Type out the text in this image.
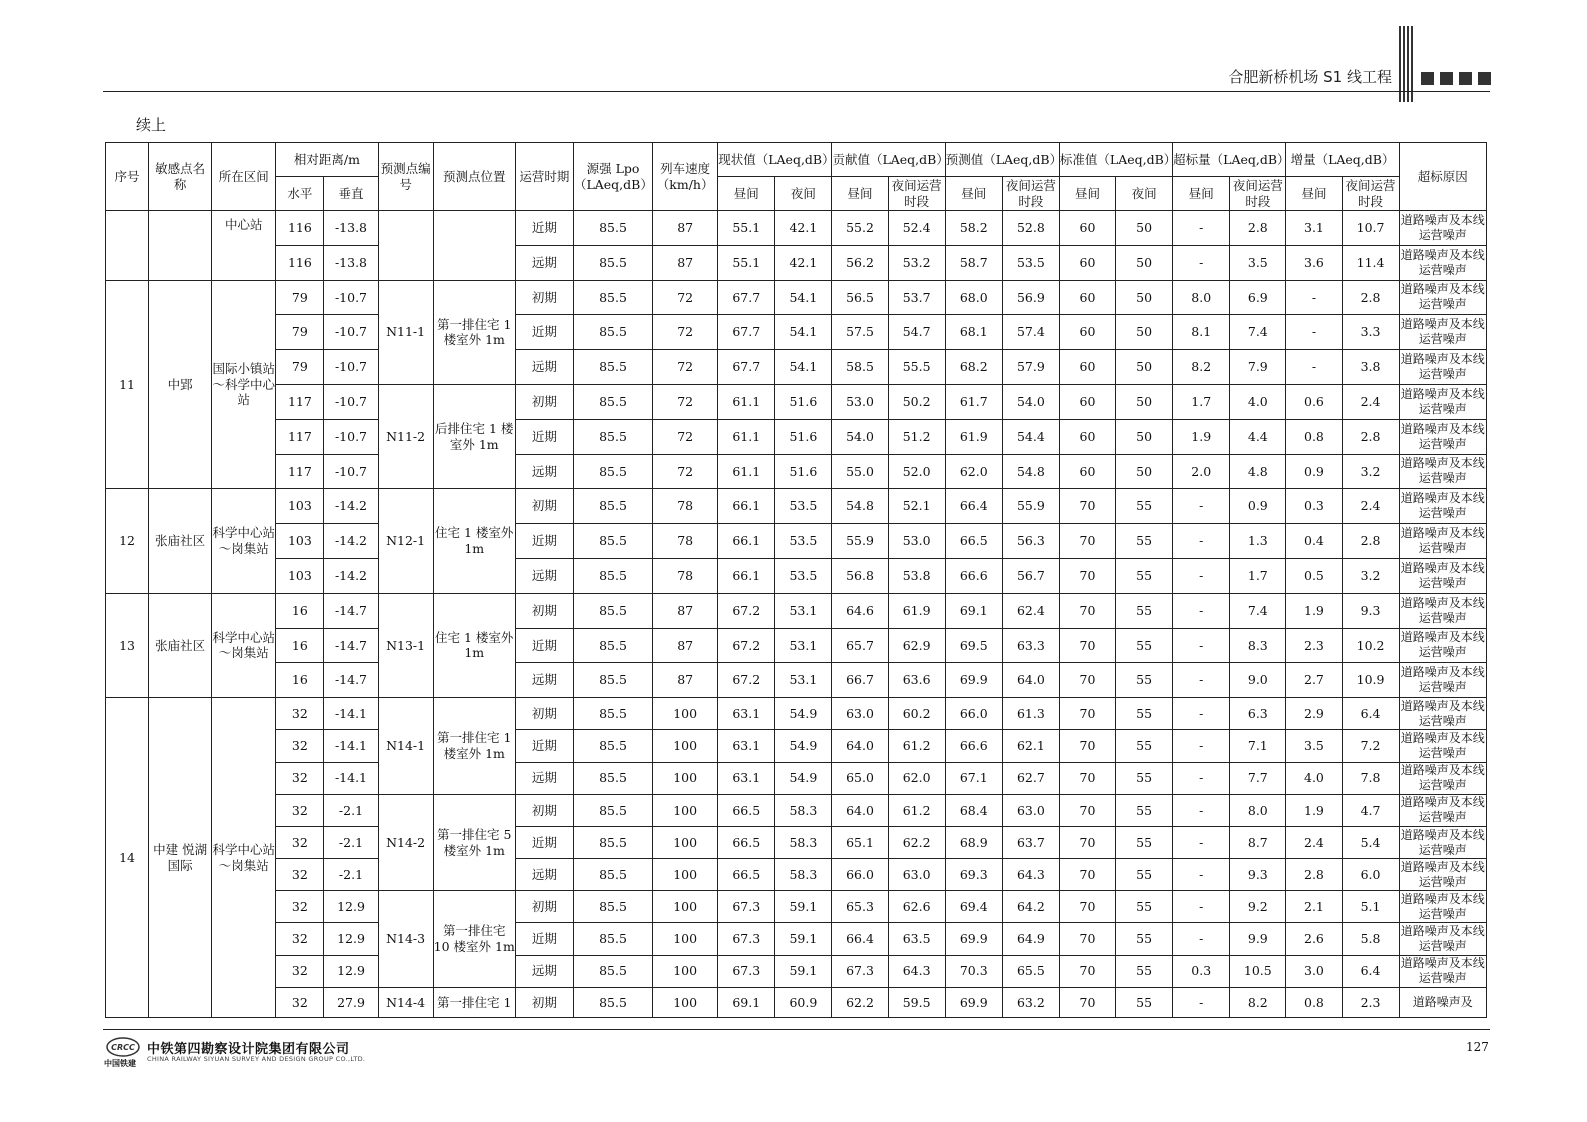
合肥新桥机场 S1 线工程
续上
序号	敏感点名称	所在区间	相对距离/m		预测点编号	预测点位置	运营时期	源强 Lpo（LAeq,dB）	列车速度（km/h）	现状值（LAeq,dB）		贡献值（LAeq,dB）		预测值（LAeq,dB）		标准值（LAeq,dB）		超标量（LAeq,dB）		增量（LAeq,dB）		超标原因
			水平	垂直						昼间	夜间	昼间	夜间运营时段	昼间	夜间运营时段	昼间	夜间	昼间	夜间运营时段	昼间	夜间运营时段	
		中心站	116	-13.8			近期	85.5	87	55.1	42.1	55.2	52.4	58.2	52.8	60	50	-	2.8	3.1	10.7	道路噪声及本线运营噪声
			116	-13.8			远期	85.5	87	55.1	42.1	56.2	53.2	58.7	53.5	60	50	-	3.5	3.6	11.4	道路噪声及本线运营噪声
11	中郢	国际小镇站～科学中心站	79	-10.7	N11-1	第一排住宅 1 楼室外 1m	初期	85.5	72	67.7	54.1	56.5	53.7	68.0	56.9	60	50	8.0	6.9	-	2.8	道路噪声及本线运营噪声
			79	-10.7			近期	85.5	72	67.7	54.1	57.5	54.7	68.1	57.4	60	50	8.1	7.4	-	3.3	道路噪声及本线运营噪声
			79	-10.7			远期	85.5	72	67.7	54.1	58.5	55.5	68.2	57.9	60	50	8.2	7.9	-	3.8	道路噪声及本线运营噪声
			117	-10.7	N11-2	后排住宅 1 楼室外 1m	初期	85.5	72	61.1	51.6	53.0	50.2	61.7	54.0	60	50	1.7	4.0	0.6	2.4	道路噪声及本线运营噪声
			117	-10.7			近期	85.5	72	61.1	51.6	54.0	51.2	61.9	54.4	60	50	1.9	4.4	0.8	2.8	道路噪声及本线运营噪声
			117	-10.7			远期	85.5	72	61.1	51.6	55.0	52.0	62.0	54.8	60	50	2.0	4.8	0.9	3.2	道路噪声及本线运营噪声
12	张庙社区	科学中心站～岗集站	103	-14.2	N12-1	住宅 1 楼室外 1m	初期	85.5	78	66.1	53.5	54.8	52.1	66.4	55.9	70	55	-	0.9	0.3	2.4	道路噪声及本线运营噪声
			103	-14.2			近期	85.5	78	66.1	53.5	55.9	53.0	66.5	56.3	70	55	-	1.3	0.4	2.8	道路噪声及本线运营噪声
			103	-14.2			远期	85.5	78	66.1	53.5	56.8	53.8	66.6	56.7	70	55	-	1.7	0.5	3.2	道路噪声及本线运营噪声
13	张庙社区	科学中心站～岗集站	16	-14.7	N13-1	住宅 1 楼室外 1m	初期	85.5	87	67.2	53.1	64.6	61.9	69.1	62.4	70	55	-	7.4	1.9	9.3	道路噪声及本线运营噪声
			16	-14.7			近期	85.5	87	67.2	53.1	65.7	62.9	69.5	63.3	70	55	-	8.3	2.3	10.2	道路噪声及本线运营噪声
			16	-14.7			远期	85.5	87	67.2	53.1	66.7	63.6	69.9	64.0	70	55	-	9.0	2.7	10.9	道路噪声及本线运营噪声
14	中建 悦湖国际	科学中心站～岗集站	32	-14.1	N14-1	第一排住宅 1 楼室外 1m	初期	85.5	100	63.1	54.9	63.0	60.2	66.0	61.3	70	55	-	6.3	2.9	6.4	道路噪声及本线运营噪声
			32	-14.1			近期	85.5	100	63.1	54.9	64.0	61.2	66.6	62.1	70	55	-	7.1	3.5	7.2	道路噪声及本线运营噪声
			32	-14.1			远期	85.5	100	63.1	54.9	65.0	62.0	67.1	62.7	70	55	-	7.7	4.0	7.8	道路噪声及本线运营噪声
			32	-2.1	N14-2	第一排住宅 5 楼室外 1m	初期	85.5	100	66.5	58.3	64.0	61.2	68.4	63.0	70	55	-	8.0	1.9	4.7	道路噪声及本线运营噪声
			32	-2.1			近期	85.5	100	66.5	58.3	65.1	62.2	68.9	63.7	70	55	-	8.7	2.4	5.4	道路噪声及本线运营噪声
			32	-2.1			远期	85.5	100	66.5	58.3	66.0	63.0	69.3	64.3	70	55	-	9.3	2.8	6.0	道路噪声及本线运营噪声
			32	12.9	N14-3	第一排住宅 10 楼室外 1m	初期	85.5	100	67.3	59.1	65.3	62.6	69.4	64.2	70	55	-	9.2	2.1	5.1	道路噪声及本线运营噪声
			32	12.9			近期	85.5	100	67.3	59.1	66.4	63.5	69.9	64.9	70	55	-	9.9	2.6	5.8	道路噪声及本线运营噪声
			32	12.9			远期	85.5	100	67.3	59.1	67.3	64.3	70.3	65.5	70	55	0.3	10.5	3.0	6.4	道路噪声及本线运营噪声
			32	27.9	N14-4	第一排住宅 1	初期	85.5	100	69.1	60.9	62.2	59.5	69.9	63.2	70	55	-	8.2	0.8	2.3	道路噪声及
CRCC
中国铁建
中铁第四勘察设计院集团有限公司
CHINA RAILWAY SIYUAN SURVEY AND DESIGN GROUP CO.,LTD.
127
